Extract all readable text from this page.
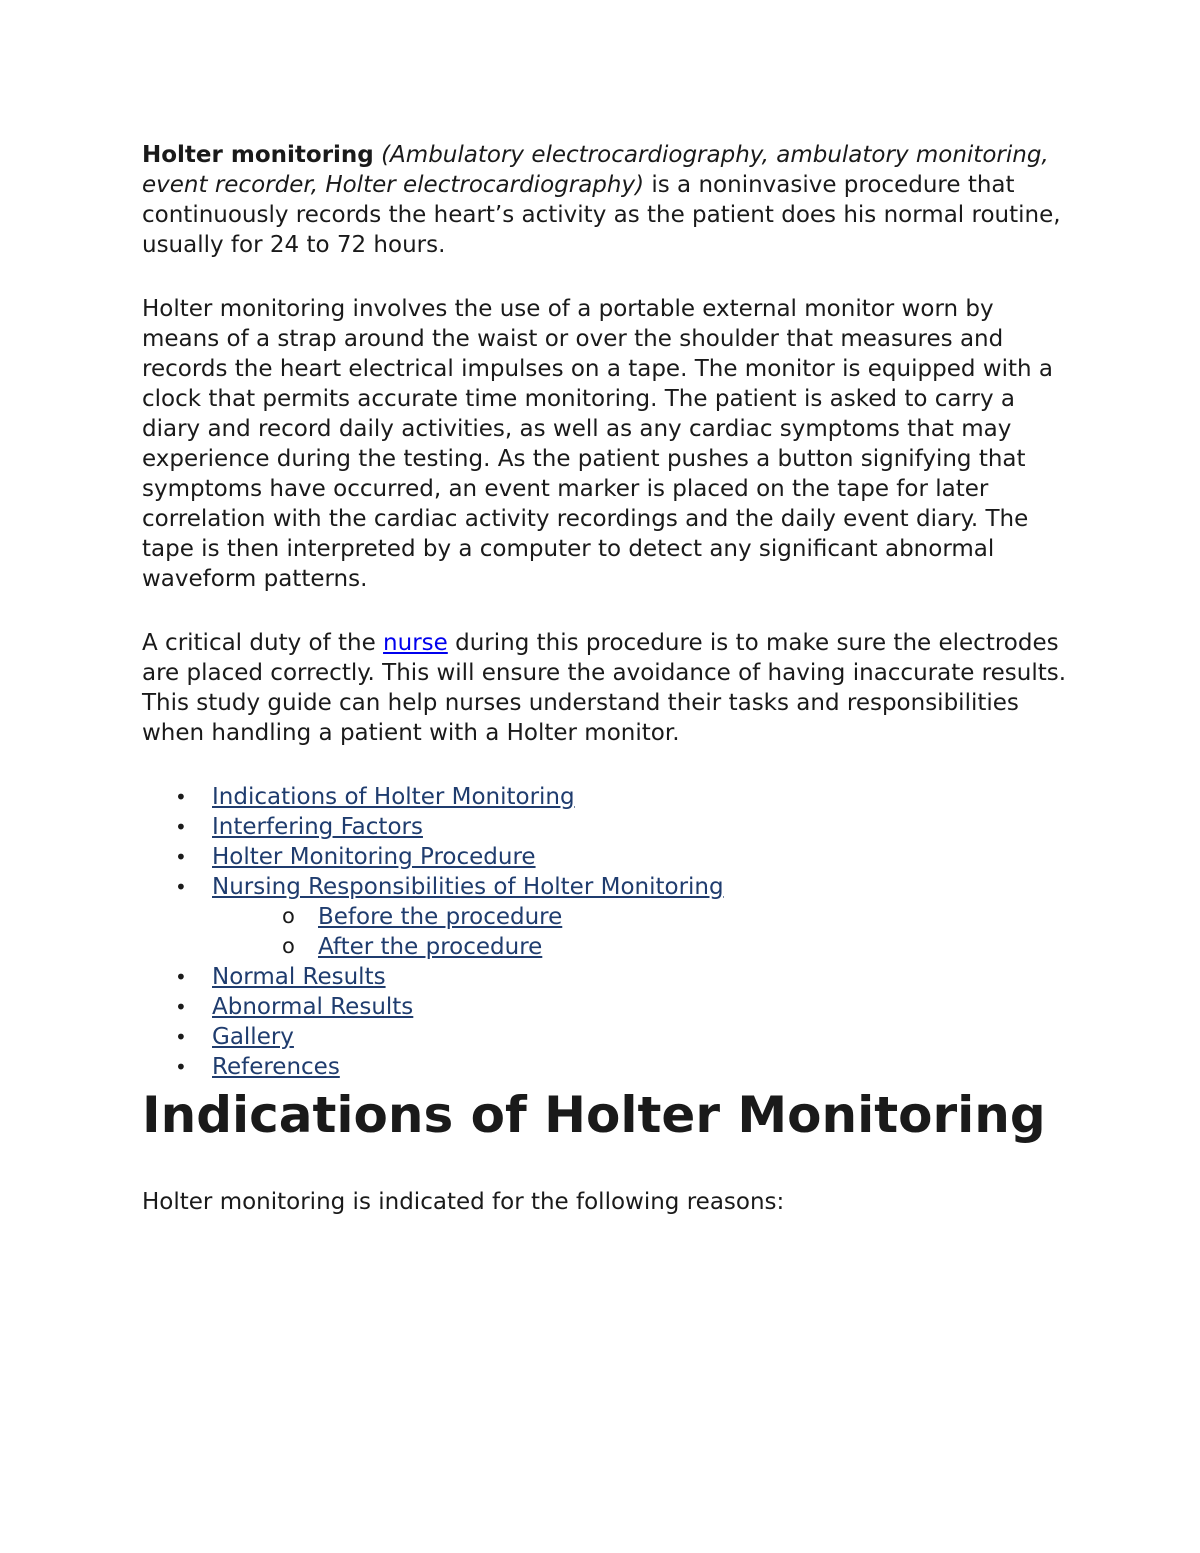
Holter monitoring (Ambulatory electrocardiography, ambulatory monitoring, event recorder, Holter electrocardiography) is a noninvasive procedure that continuously records the heart’s activity as the patient does his normal routine, usually for 24 to 72 hours.

Holter monitoring involves the use of a portable external monitor worn by means of a strap around the waist or over the shoulder that measures and records the heart electrical impulses on a tape. The monitor is equipped with a clock that permits accurate time monitoring. The patient is asked to carry a diary and record daily activities, as well as any cardiac symptoms that may experience during the testing. As the patient pushes a button signifying that symptoms have occurred, an event marker is placed on the tape for later correlation with the cardiac activity recordings and the daily event diary. The tape is then interpreted by a computer to detect any significant abnormal waveform patterns.

A critical duty of the nurse during this procedure is to make sure the electrodes are placed correctly. This will ensure the avoidance of having inaccurate results. This study guide can help nurses understand their tasks and responsibilities when handling a patient with a Holter monitor.

• Indications of Holter Monitoring
• Interfering Factors
• Holter Monitoring Procedure
• Nursing Responsibilities of Holter Monitoring
o Before the procedure
o After the procedure
• Normal Results
• Abnormal Results
• Gallery
• References
Indications of Holter Monitoring

Holter monitoring is indicated for the following reasons:
